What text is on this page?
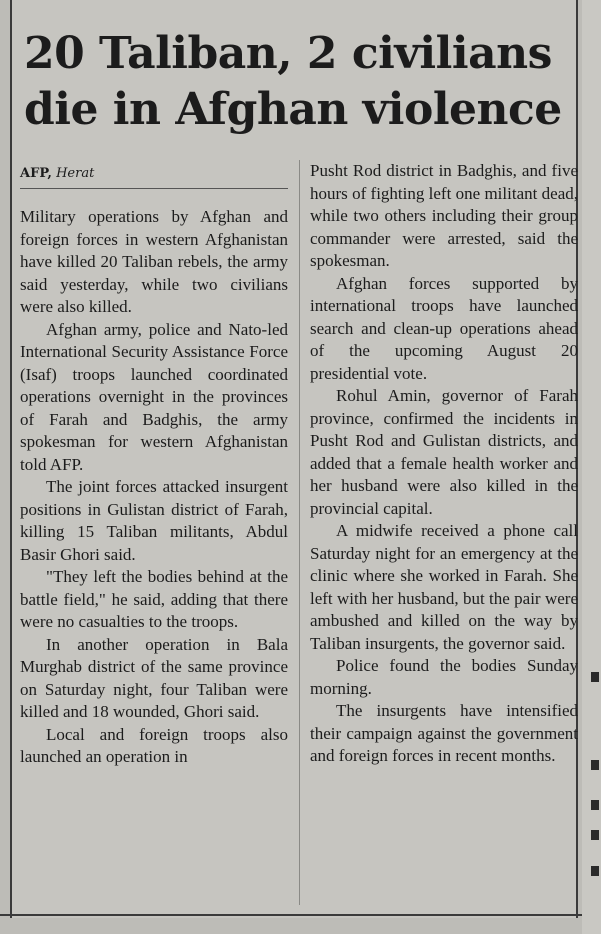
20 Taliban, 2 civilians die in Afghan violence
AFP, Herat

Military operations by Afghan and foreign forces in western Afghanistan have killed 20 Taliban rebels, the army said yesterday, while two civilians were also killed.

Afghan army, police and Nato-led International Security Assistance Force (Isaf) troops launched coordinated operations overnight in the provinces of Farah and Badghis, the army spokesman for western Afghanistan told AFP.

The joint forces attacked insurgent positions in Gulistan district of Farah, killing 15 Taliban militants, Abdul Basir Ghori said.

"They left the bodies behind at the battle field," he said, adding that there were no casualties to the troops.

In another operation in Bala Murghab district of the same province on Saturday night, four Taliban were killed and 18 wounded, Ghori said.

Local and foreign troops also launched an operation in

Pusht Rod district in Badghis, and five hours of fighting left one militant dead, while two others including their group commander were arrested, said the spokesman.

Afghan forces supported by international troops have launched search and clean-up operations ahead of the upcoming August 20 presidential vote.

Rohul Amin, governor of Farah province, confirmed the incidents in Pusht Rod and Gulistan districts, and added that a female health worker and her husband were also killed in the provincial capital.

A midwife received a phone call Saturday night for an emergency at the clinic where she worked in Farah. She left with her husband, but the pair were ambushed and killed on the way by Taliban insurgents, the governor said.

Police found the bodies Sunday morning.

The insurgents have intensified their campaign against the government and foreign forces in recent months.
